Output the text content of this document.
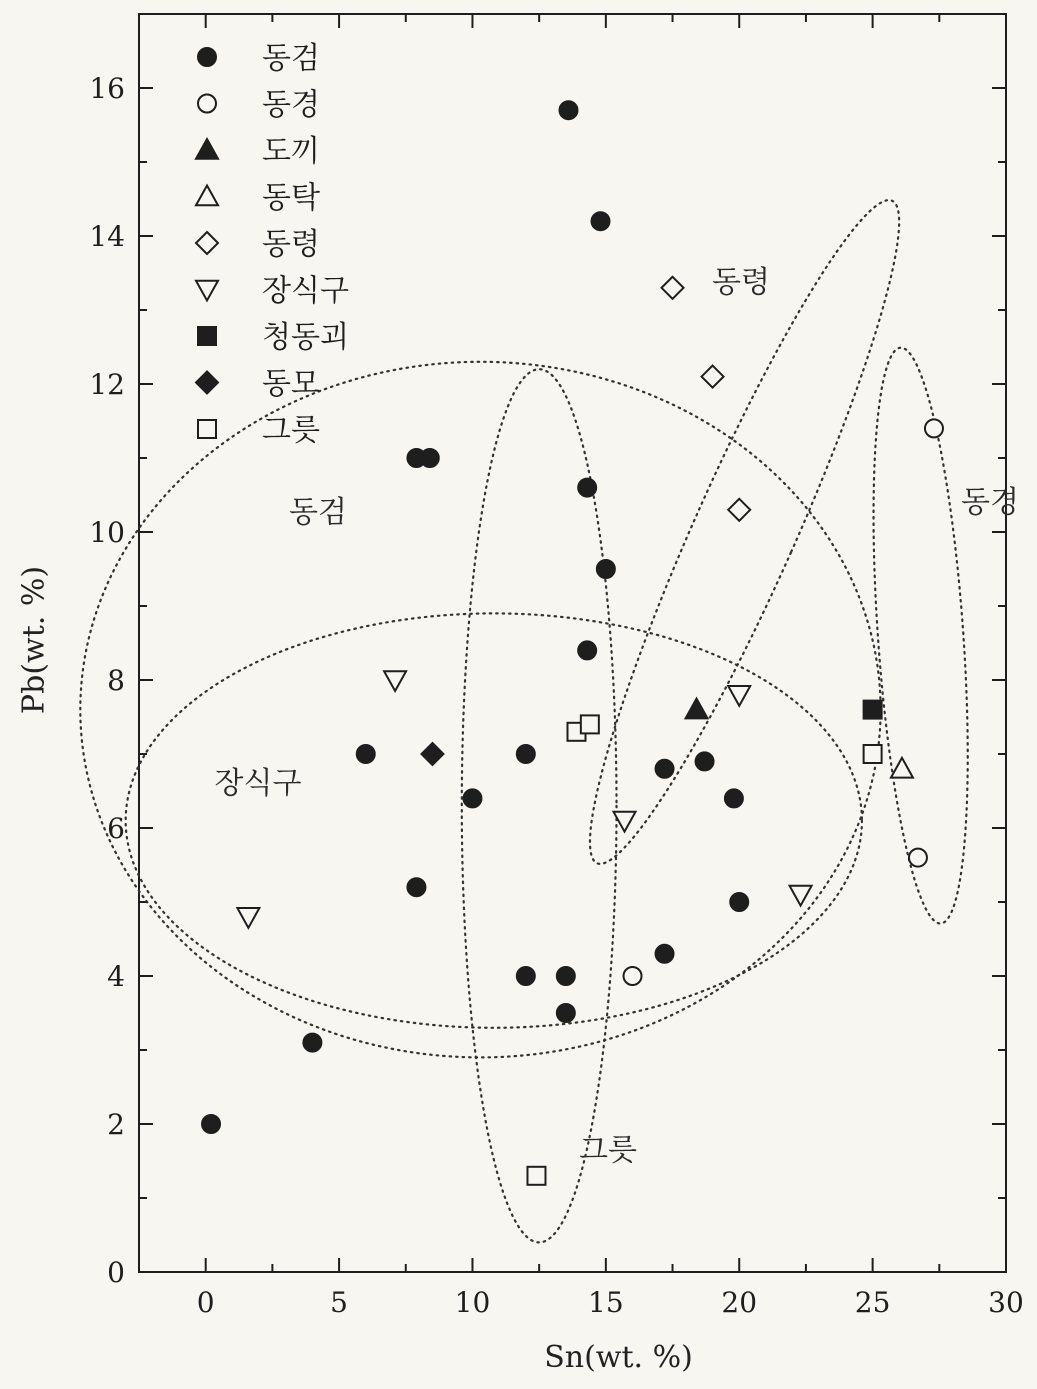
0	5	10	15	20	25	30
0
2
4
6
8
10
12
14
16
동검
동령
동경
장식구
그릇
동검
동경
도끼
동탁
동령
장식구
청동괴
동모
그릇
Sn(wt. %)
Pb(wt. %)
